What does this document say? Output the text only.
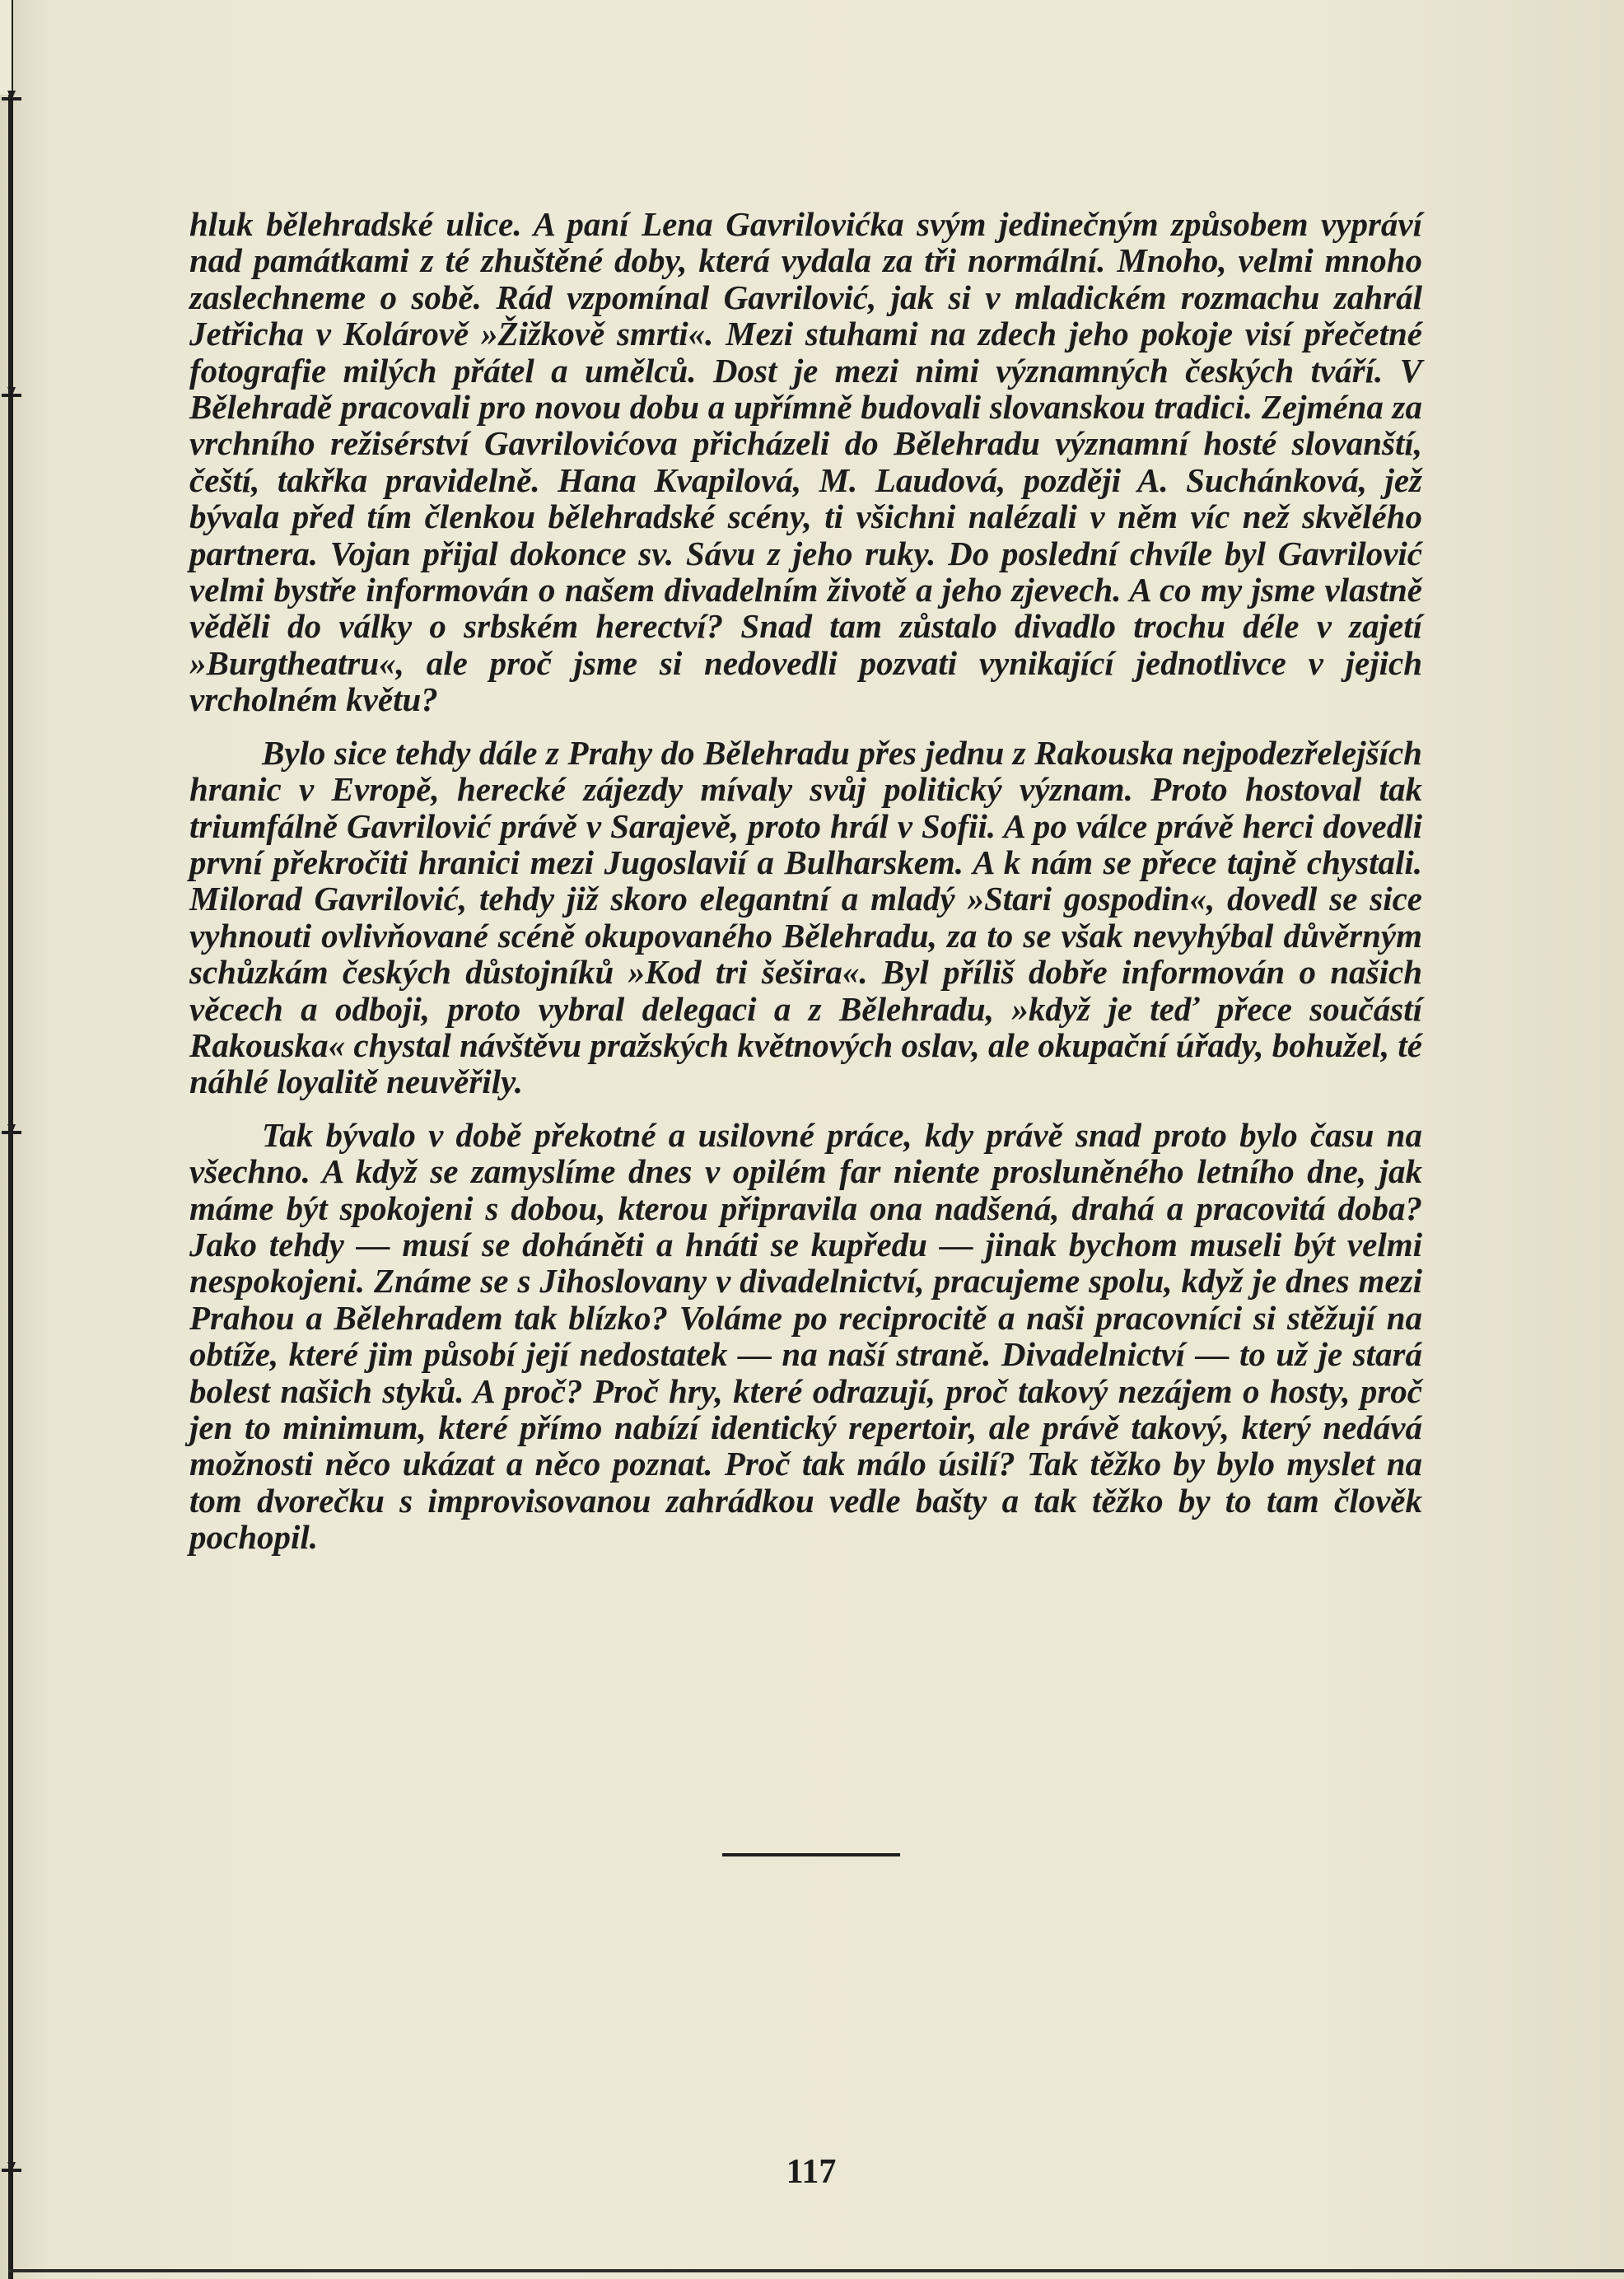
hluk bělehradské ulice. A paní Lena Gavrilovićka svým jedinečným způsobem vypráví nad památkami z té zhuštěné doby, která vydala za tři normální. Mnoho, velmi mnoho zaslechneme o sobě. Rád vzpomínal Gavrilović, jak si v mladickém rozmachu zahrál Jetřicha v Kolárově »Žižkově smrti«. Mezi stuhami na zdech jeho pokoje visí přečetné fotografie milých přátel a umělců. Dost je mezi nimi významných českých tváří. V Bělehradě pracovali pro novou dobu a upřímně budovali slovanskou tradici. Zejména za vrchního režisérství Gavrilovićova přicházeli do Bělehradu významní hosté slovanští, čeští, takřka pravidelně. Hana Kvapilová, M. Laudová, později A. Suchánková, jež bývala před tím členkou bělehradské scény, ti všichni nalézali v něm víc než skvělého partnera. Vojan přijal dokonce sv. Sávu z jeho ruky. Do poslední chvíle byl Gavrilović velmi bystře informován o našem divadelním životě a jeho zjevech. A co my jsme vlastně věděli do války o srbském herectví? Snad tam zůstalo divadlo trochu déle v zajetí »Burgtheatru«, ale proč jsme si nedovedli pozvati vynikající jednotlivce v jejich vrcholném květu?

Bylo sice tehdy dále z Prahy do Bělehradu přes jednu z Rakouska nejpodezřelejších hranic v Evropě, herecké zájezdy mívaly svůj politický význam. Proto hostoval tak triumfálně Gavrilović právě v Sarajevě, proto hrál v Sofii. A po válce právě herci dovedli první překročiti hranici mezi Jugoslavií a Bulharskem. A k nám se přece tajně chystali. Milorad Gavrilović, tehdy již skoro elegantní a mladý »Stari gospodin«, dovedl se sice vyhnouti ovlivňované scéně okupovaného Bělehradu, za to se však nevyhýbal důvěrným schůzkám českých důstojníků »Kod tri šešira«. Byl příliš dobře informován o našich věcech a odboji, proto vybral delegaci a z Bělehradu, »když je teď přece součástí Rakouska« chystal návštěvu pražských květnových oslav, ale okupační úřady, bohužel, té náhlé loyalitě neuvěřily.

Tak bývalo v době překotné a usilovné práce, kdy právě snad proto bylo času na všechno. A když se zamyslíme dnes v opilém far niente prosluněného letního dne, jak máme být spokojeni s dobou, kterou připravila ona nadšená, drahá a pracovitá doba? Jako tehdy — musí se doháněti a hnáti se kupředu — jinak bychom museli být velmi nespokojeni. Známe se s Jihoslovany v divadelnictví, pracujeme spolu, když je dnes mezi Prahou a Bělehradem tak blízko? Voláme po reciprocitě a naši pracovníci si stěžují na obtíže, které jim působí její nedostatek — na naší straně. Divadelnictví — to už je stará bolest našich styků. A proč? Proč hry, které odrazují, proč takový nezájem o hosty, proč jen to minimum, které přímo nabízí identický repertoir, ale právě takový, který nedává možnosti něco ukázat a něco poznat. Proč tak málo úsilí? Tak těžko by bylo myslet na tom dvorečku s improvisovanou zahrádkou vedle bašty a tak těžko by to tam člověk pochopil.

117
